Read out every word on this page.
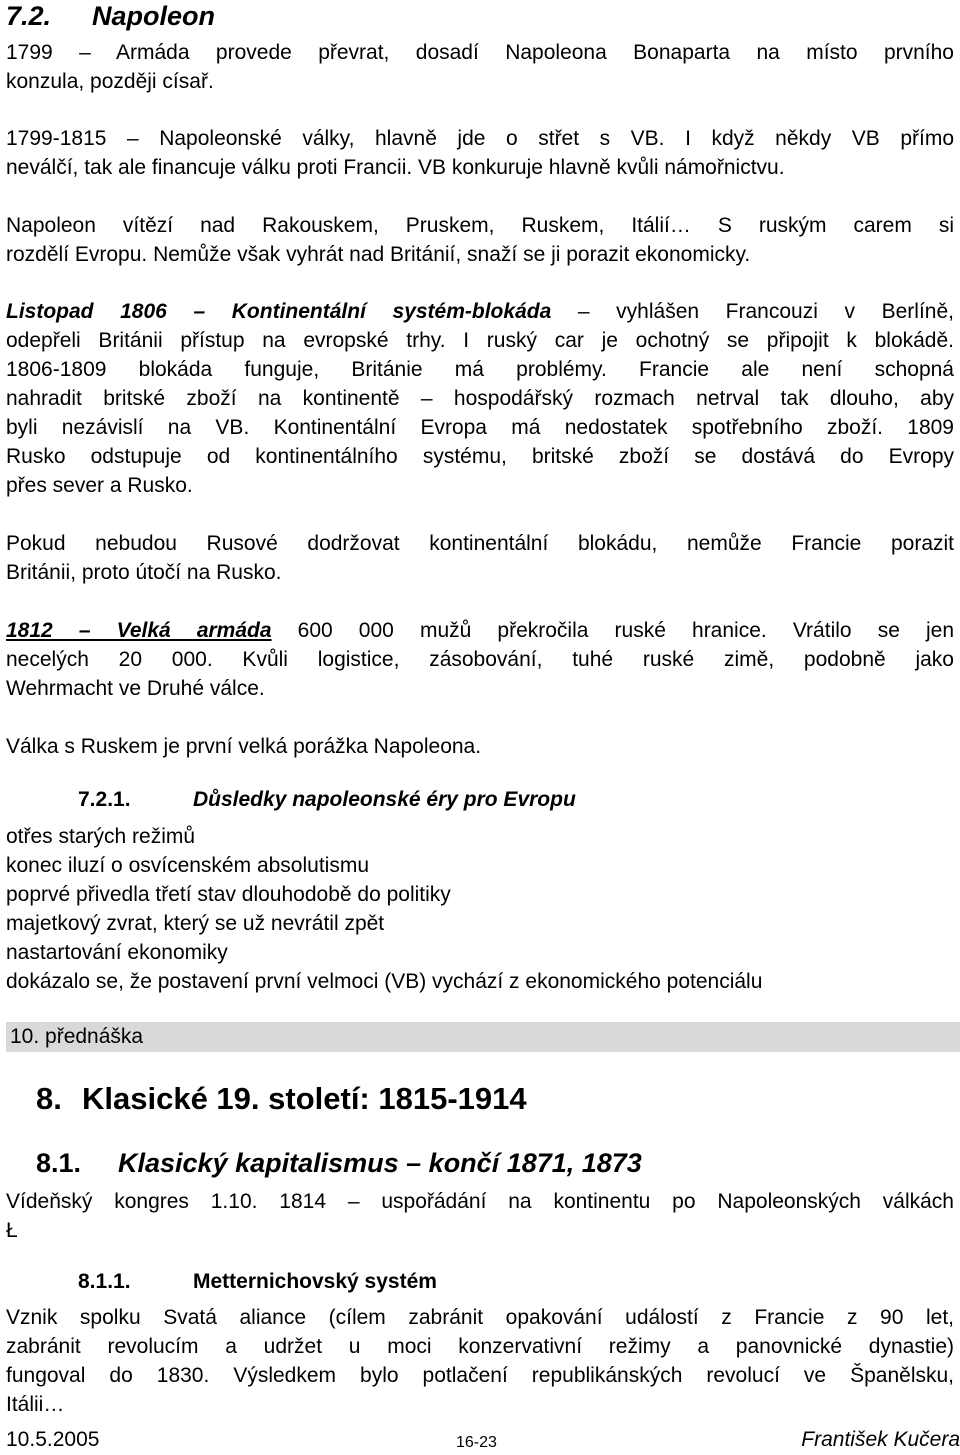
7.2. Napoleon
1799 – Armáda provede převrat, dosadí Napoleona Bonaparta na místo prvního
konzula, později císař.
1799-1815 – Napoleonské války, hlavně jde o střet s VB. I když někdy VB přímo
neválčí, tak ale financuje válku proti Francii. VB konkuruje hlavně kvůli námořnictvu.
Napoleon vítězí nad Rakouskem, Pruskem, Ruskem, Itálií… S ruským carem si
rozdělí Evropu. Nemůže však vyhrát nad Británií, snaží se ji porazit ekonomicky.
Listopad 1806 – Kontinentální systém-blokáda – vyhlášen Francouzi v Berlíně,
odepřeli Británii přístup na evropské trhy. I ruský car je ochotný se připojit k blokádě.
1806-1809 blokáda funguje, Británie má problémy. Francie ale není schopná
nahradit britské zboží na kontinentě – hospodářský rozmach netrval tak dlouho, aby
byli nezávislí na VB. Kontinentální Evropa má nedostatek spotřebního zboží. 1809
Rusko odstupuje od kontinentálního systému, britské zboží se dostává do Evropy
přes sever a Rusko.
Pokud nebudou Rusové dodržovat kontinentální blokádu, nemůže Francie porazit
Británii, proto útočí na Rusko.
1812 – Velká armáda 600 000 mužů překročila ruské hranice. Vrátilo se jen
necelých 20 000. Kvůli logistice, zásobování, tuhé ruské zimě, podobně jako
Wehrmacht ve Druhé válce.
Válka s Ruskem je první velká porážka Napoleona.
7.2.1.	Důsledky napoleonské éry pro Evropu
otřes starých režimů
konec iluzí o osvícenském absolutismu
poprvé přivedla třetí stav dlouhodobě do politiky
majetkový zvrat, který se už nevrátil zpět
nastartování ekonomiky
dokázalo se, že postavení první velmoci (VB) vychází z ekonomického potenciálu
10. přednáška
8. Klasické 19. století: 1815-1914
8.1. Klasický kapitalismus – končí 1871, 1873
Vídeňský kongres 1.10. 1814 – uspořádání na kontinentu po Napoleonských válkách
Ł
8.1.1.	Metternichovský systém
Vznik spolku Svatá aliance (cílem zabránit opakování událostí z Francie z 90 let,
zabránit revolucím a udržet u moci konzervativní režimy a panovnické dynastie)
fungoval do 1830. Výsledkem bylo potlačení republikánských revolucí ve Španělsku,
Itálii…
10.5.2005	16-23	František Kučera
